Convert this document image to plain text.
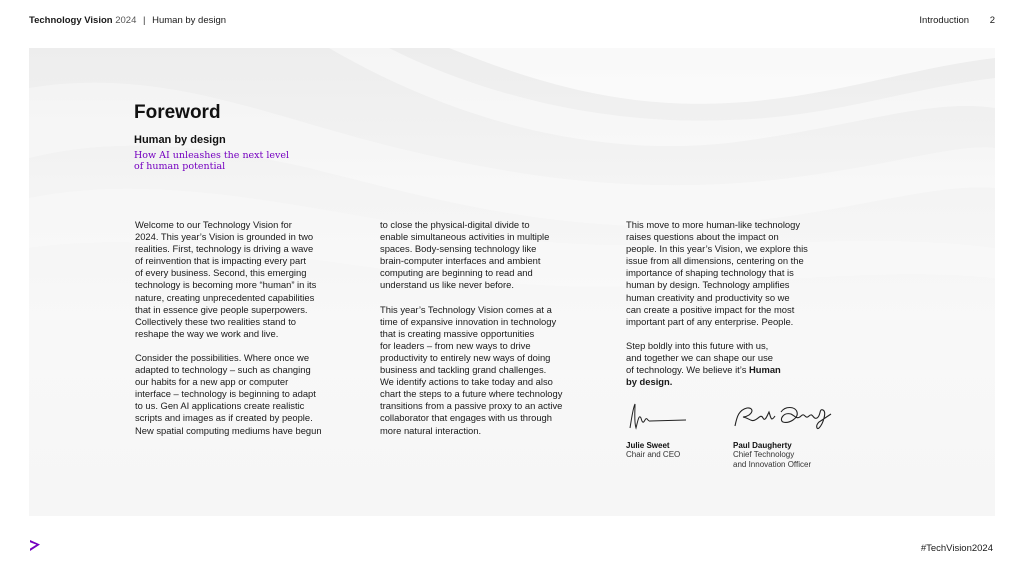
Technology Vision 2024 | Human by design	Introduction 2
Foreword
Human by design
How AI unleashes the next level of human potential

Welcome to our Technology Vision for
2024. This year’s Vision is grounded in two
realities. First, technology is driving a wave
of reinvention that is impacting every part
of every business. Second, this emerging
technology is becoming more “human” in its
nature, creating unprecedented capabilities
that in essence give people superpowers.
Collectively these two realities stand to
reshape the way we work and live.

Consider the possibilities. Where once we
adapted to technology – such as changing
our habits for a new app or computer
interface – technology is beginning to adapt
to us. Gen AI applications create realistic
scripts and images as if created by people.
New spatial computing mediums have begun

to close the physical-digital divide to
enable simultaneous activities in multiple
spaces. Body-sensing technology like
brain-computer interfaces and ambient
computing are beginning to read and
understand us like never before.

This year’s Technology Vision comes at a
time of expansive innovation in technology
that is creating massive opportunities
for leaders – from new ways to drive
productivity to entirely new ways of doing
business and tackling grand challenges.
We identify actions to take today and also
chart the steps to a future where technology
transitions from a passive proxy to an active
collaborator that engages with us through
more natural interaction.

This move to more human-like technology
raises questions about the impact on
people. In this year’s Vision, we explore this
issue from all dimensions, centering on the
importance of shaping technology that is
human by design. Technology amplifies
human creativity and productivity so we
can create a positive impact for the most
important part of any enterprise. People.

Step boldly into this future with us,
and together we can shape our use
of technology. We believe it’s Human
by design.

Julie Sweet
Chair and CEO
Paul Daugherty
Chief Technology
and Innovation Officer
#TechVision2024
